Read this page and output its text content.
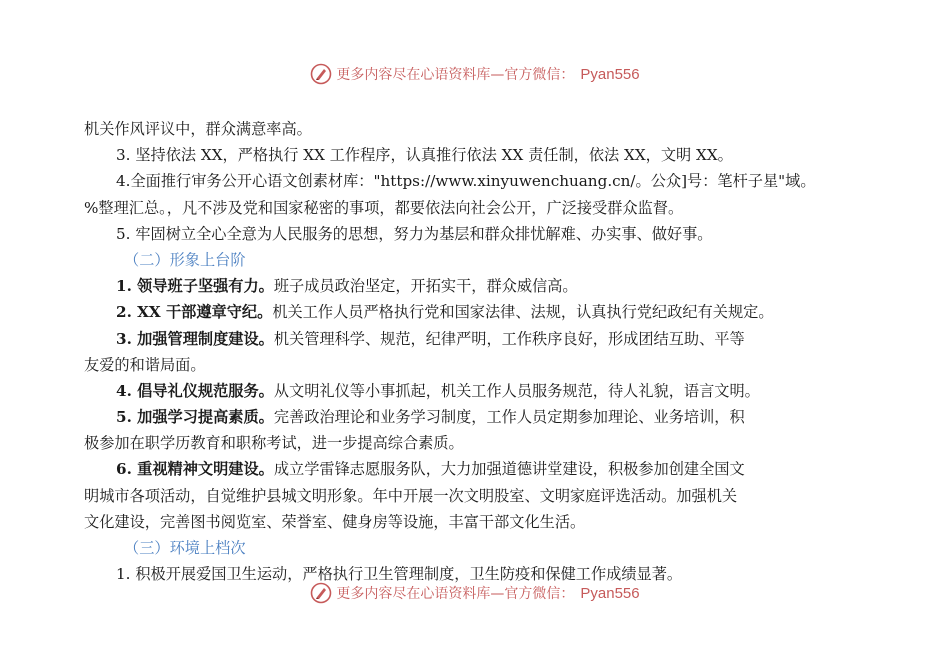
更多内容尽在心语资料库—官方微信： Pyan556
机关作风评议中，群众满意率高。
3. 坚持依法 XX，严格执行 XX 工作程序，认真推行依法 XX 责任制，依法 XX，文明 XX。
4.全面推行审务公开心语文创素材库："https://www.xinyuwenchuang.cn/。公众]号：笔杆子星"域。
%整理汇总。，凡不涉及党和国家秘密的事项，都要依法向社会公开，广泛接受群众监督。
5. 牢固树立全心全意为人民服务的思想，努力为基层和群众排忧解难、办实事、做好事。
（二）形象上台阶
1. 领导班子坚强有力。班子成员政治坚定，开拓实干，群众威信高。
2. XX 干部遵章守纪。机关工作人员严格执行党和国家法律、法规，认真执行党纪政纪有关规定。
3. 加强管理制度建设。机关管理科学、规范，纪律严明，工作秩序良好，形成团结互助、平等
友爱的和谐局面。
4. 倡导礼仪规范服务。从文明礼仪等小事抓起，机关工作人员服务规范，待人礼貌，语言文明。
5. 加强学习提高素质。完善政治理论和业务学习制度，工作人员定期参加理论、业务培训，积
极参加在职学历教育和职称考试，进一步提高综合素质。
6. 重视精神文明建设。成立学雷锋志愿服务队，大力加强道德讲堂建设，积极参加创建全国文
明城市各项活动，自觉维护县城文明形象。年中开展一次文明股室、文明家庭评选活动。加强机关
文化建设，完善图书阅览室、荣誉室、健身房等设施，丰富干部文化生活。
（三）环境上档次
1. 积极开展爱国卫生运动，严格执行卫生管理制度，卫生防疫和保健工作成绩显著。
更多内容尽在心语资料库—官方微信： Pyan556
